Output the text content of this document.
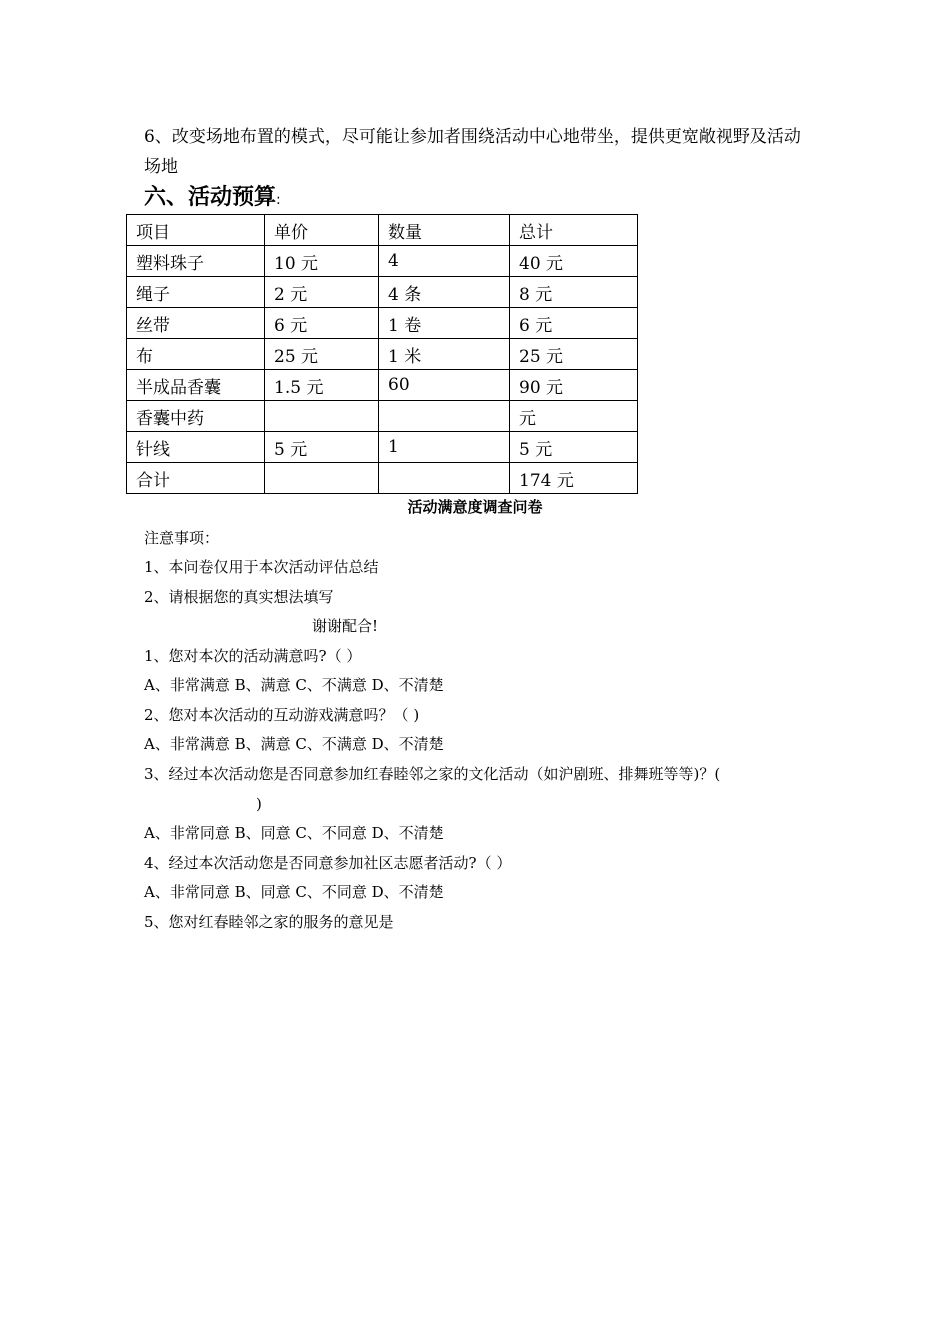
6、改变场地布置的模式，尽可能让参加者围绕活动中心地带坐，提供更宽敞视野及活动场地

六、活动预算:
项目	单价	数量	总计
塑料珠子	10 元	4	40 元
绳子	2 元	4 条	8 元
丝带	6 元	1 卷	6 元
布	25 元	1 米	25 元
半成品香囊	1.5 元	60	90 元
香囊中药			元
针线	5 元	1	5 元
合计			174 元
活动满意度调查问卷

注意事项：

1、本问卷仅用于本次活动评估总结

2、请根据您的真实想法填写

谢谢配合!

1、您对本次的活动满意吗?（ ）

A、非常满意 B、满意 C、不满意 D、不清楚

2、您对本次活动的互动游戏满意吗？（ )

A、非常满意 B、满意 C、不满意 D、不清楚

3、经过本次活动您是否同意参加红春睦邻之家的文化活动（如沪剧班、排舞班等等)？(

)

A、非常同意 B、同意 C、不同意 D、不清楚

4、经过本次活动您是否同意参加社区志愿者活动?（ ）

A、非常同意 B、同意 C、不同意 D、不清楚

5、您对红春睦邻之家的服务的意见是
